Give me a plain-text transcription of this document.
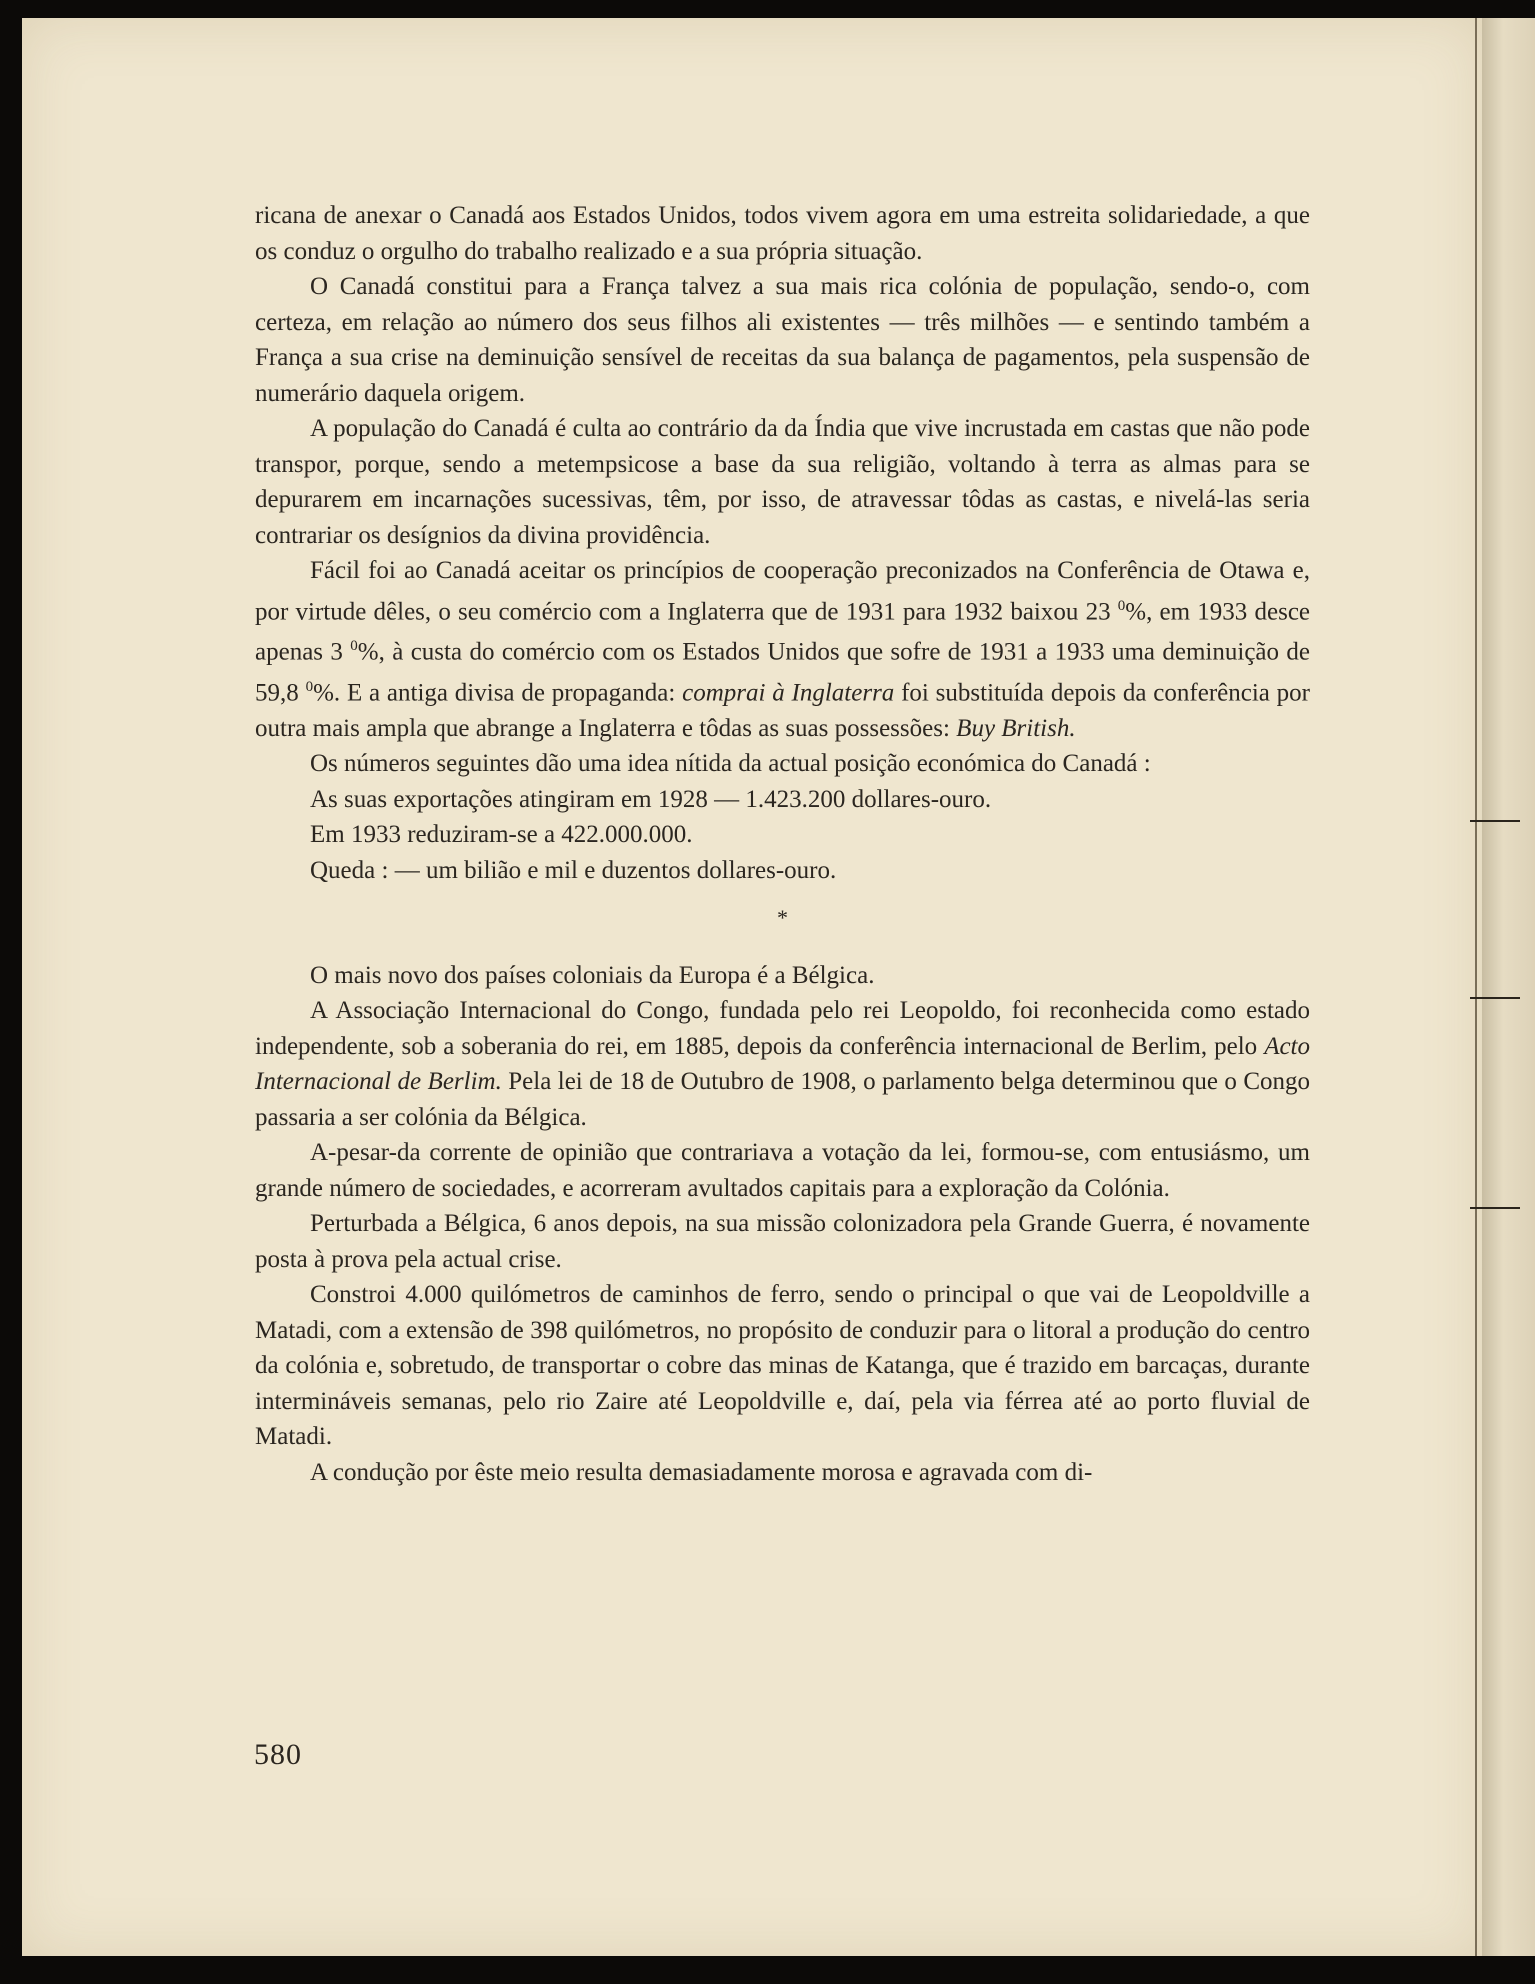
ricana de anexar o Canadá aos Estados Unidos, todos vivem agora em uma estreita solidariedade, a que os conduz o orgulho do trabalho realizado e a sua própria situação.

O Canadá constitui para a França talvez a sua mais rica colónia de população, sendo-o, com certeza, em relação ao número dos seus filhos ali existentes — três milhões — e sentindo também a França a sua crise na deminuição sensível de receitas da sua balança de pagamentos, pela suspensão de numerário daquela origem.

A população do Canadá é culta ao contrário da da Índia que vive incrustada em castas que não pode transpor, porque, sendo a metempsicose a base da sua religião, voltando à terra as almas para se depurarem em incarnações sucessivas, têm, por isso, de atravessar tôdas as castas, e nivelá-las seria contrariar os desígnios da divina providência.

Fácil foi ao Canadá aceitar os princípios de cooperação preconizados na Conferência de Otawa e, por virtude dêles, o seu comércio com a Inglaterra que de 1931 para 1932 baixou 23 $^0$%, em 1933 desce apenas 3 $^0$%, à custa do comércio com os Estados Unidos que sofre de 1931 a 1933 uma deminuição de 59,8 $^0$%. E a antiga divisa de propaganda: comprai à Inglaterra foi substituída depois da conferência por outra mais ampla que abrange a Inglaterra e tôdas as suas possessões: Buy British.

Os números seguintes dão uma idea nítida da actual posição económica do Canadá :

As suas exportações atingiram em 1928 — 1.423.200 dollares-ouro.
Em 1933 reduziram-se a 422.000.000.
Queda : — um bilião e mil e duzentos dollares-ouro.
*

O mais novo dos países coloniais da Europa é a Bélgica.

A Associação Internacional do Congo, fundada pelo rei Leopoldo, foi reconhecida como estado independente, sob a soberania do rei, em 1885, depois da conferência internacional de Berlim, pelo Acto Internacional de Berlim. Pela lei de 18 de Outubro de 1908, o parlamento belga determinou que o Congo passaria a ser colónia da Bélgica.

A-pesar-da corrente de opinião que contrariava a votação da lei, formou-se, com entusiásmo, um grande número de sociedades, e acorreram avultados capitais para a exploração da Colónia.

Perturbada a Bélgica, 6 anos depois, na sua missão colonizadora pela Grande Guerra, é novamente posta à prova pela actual crise.

Constroi 4.000 quilómetros de caminhos de ferro, sendo o principal o que vai de Leopoldville a Matadi, com a extensão de 398 quilómetros, no propósito de conduzir para o litoral a produção do centro da colónia e, sobretudo, de transportar o cobre das minas de Katanga, que é trazido em barcaças, durante intermináveis semanas, pelo rio Zaire até Leopoldville e, daí, pela via férrea até ao porto fluvial de Matadi.

A condução por êste meio resulta demasiadamente morosa e agravada com di-

580
